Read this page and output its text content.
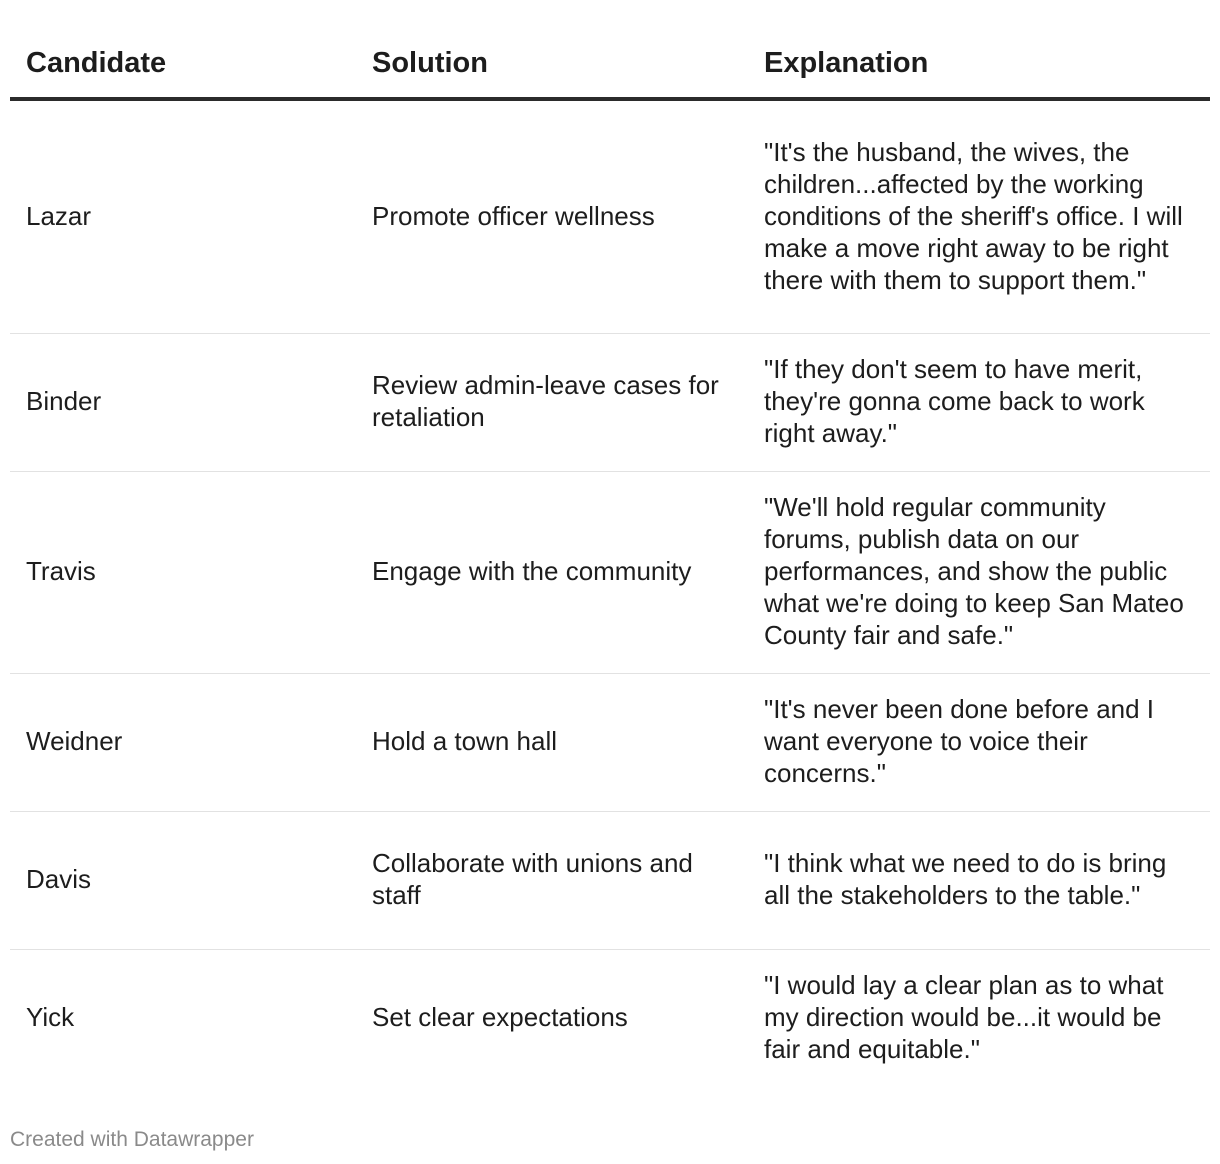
Candidate	Solution	Explanation
Lazar	Promote officer wellness	"It's the husband, the wives, the children...affected by the working conditions of the sheriff's office. I will make a move right away to be right there with them to support them."
Binder	Review admin-leave cases for retaliation	"If they don't seem to have merit, they're gonna come back to work right away."
Travis	Engage with the community	"We'll hold regular community forums, publish data on our performances, and show the public what we're doing to keep San Mateo County fair and safe."
Weidner	Hold a town hall	"It's never been done before and I want everyone to voice their concerns."
Davis	Collaborate with unions and staff	"I think what we need to do is bring all the stakeholders to the table."
Yick	Set clear expectations	"I would lay a clear plan as to what my direction would be...it would be fair and equitable."
Created with Datawrapper
